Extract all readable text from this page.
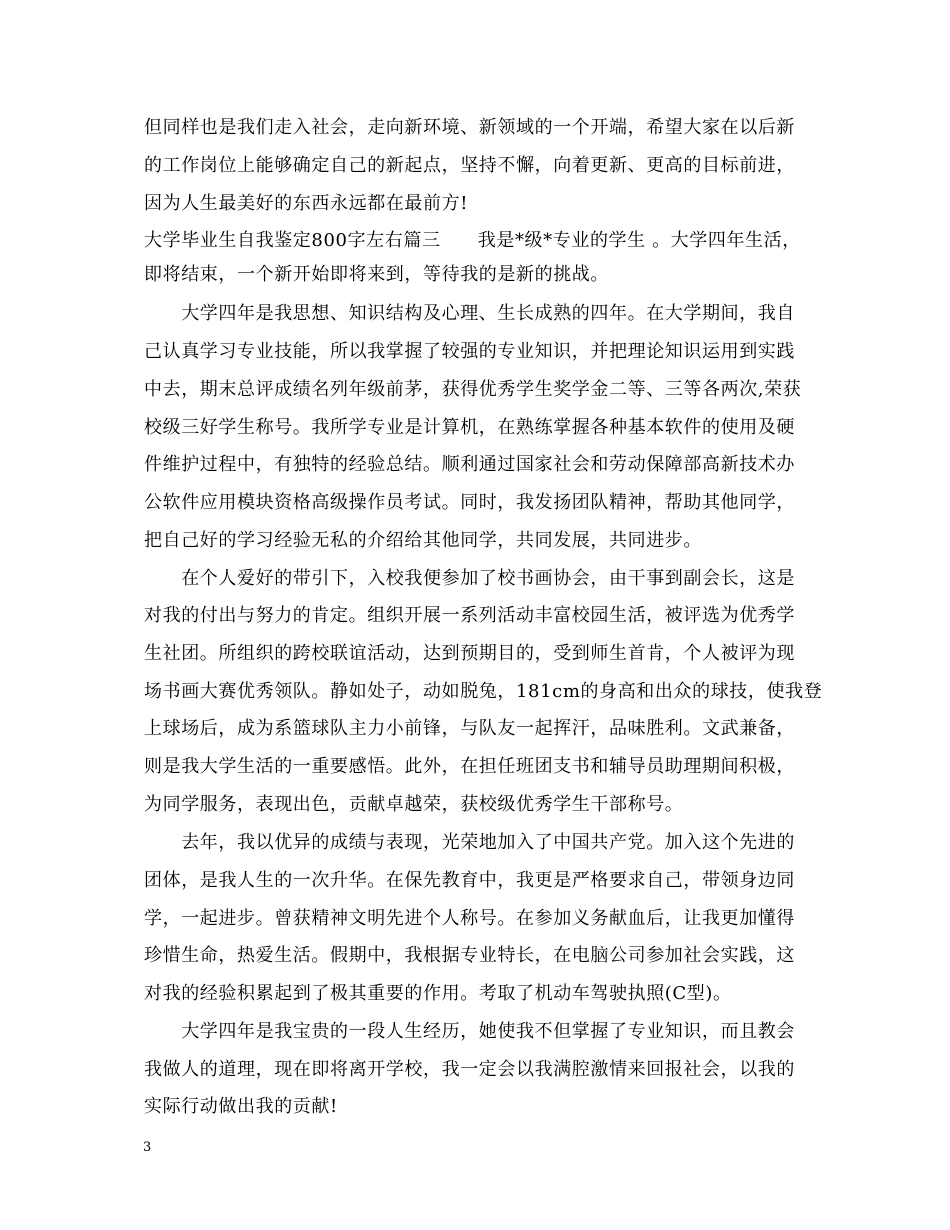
但同样也是我们走入社会，走向新环境、新领域的一个开端，希望大家在以后新
的工作岗位上能够确定自己的新起点，坚持不懈，向着更新、更高的目标前进，
因为人生最美好的东西永远都在最前方!
大学毕业生自我鉴定800字左右篇三　　我是*级*专业的学生 。大学四年生活，
即将结束，一个新开始即将来到，等待我的是新的挑战。
　　大学四年是我思想、知识结构及心理、生长成熟的四年。在大学期间，我自
己认真学习专业技能，所以我掌握了较强的专业知识，并把理论知识运用到实践
中去，期末总评成绩名列年级前茅，获得优秀学生奖学金二等、三等各两次,荣获
校级三好学生称号。我所学专业是计算机，在熟练掌握各种基本软件的使用及硬
件维护过程中，有独特的经验总结。顺利通过国家社会和劳动保障部高新技术办
公软件应用模块资格高级操作员考试。同时，我发扬团队精神，帮助其他同学，
把自己好的学习经验无私的介绍给其他同学，共同发展，共同进步。
　　在个人爱好的带引下，入校我便参加了校书画协会，由干事到副会长，这是
对我的付出与努力的肯定。组织开展一系列活动丰富校园生活，被评选为优秀学
生社团。所组织的跨校联谊活动，达到预期目的，受到师生首肯，个人被评为现
场书画大赛优秀领队。静如处子，动如脱兔，181cm的身高和出众的球技，使我登
上球场后，成为系篮球队主力小前锋，与队友一起挥汗，品味胜利。文武兼备，
则是我大学生活的一重要感悟。此外，在担任班团支书和辅导员助理期间积极，
为同学服务，表现出色，贡献卓越荣，获校级优秀学生干部称号。
　　去年，我以优异的成绩与表现，光荣地加入了中国共产党。加入这个先进的
团体，是我人生的一次升华。在保先教育中，我更是严格要求自己，带领身边同
学，一起进步。曾获精神文明先进个人称号。在参加义务献血后，让我更加懂得
珍惜生命，热爱生活。假期中，我根据专业特长，在电脑公司参加社会实践，这
对我的经验积累起到了极其重要的作用。考取了机动车驾驶执照(C型)。
　　大学四年是我宝贵的一段人生经历，她使我不但掌握了专业知识，而且教会
我做人的道理，现在即将离开学校，我一定会以我满腔激情来回报社会，以我的
实际行动做出我的贡献!
3
